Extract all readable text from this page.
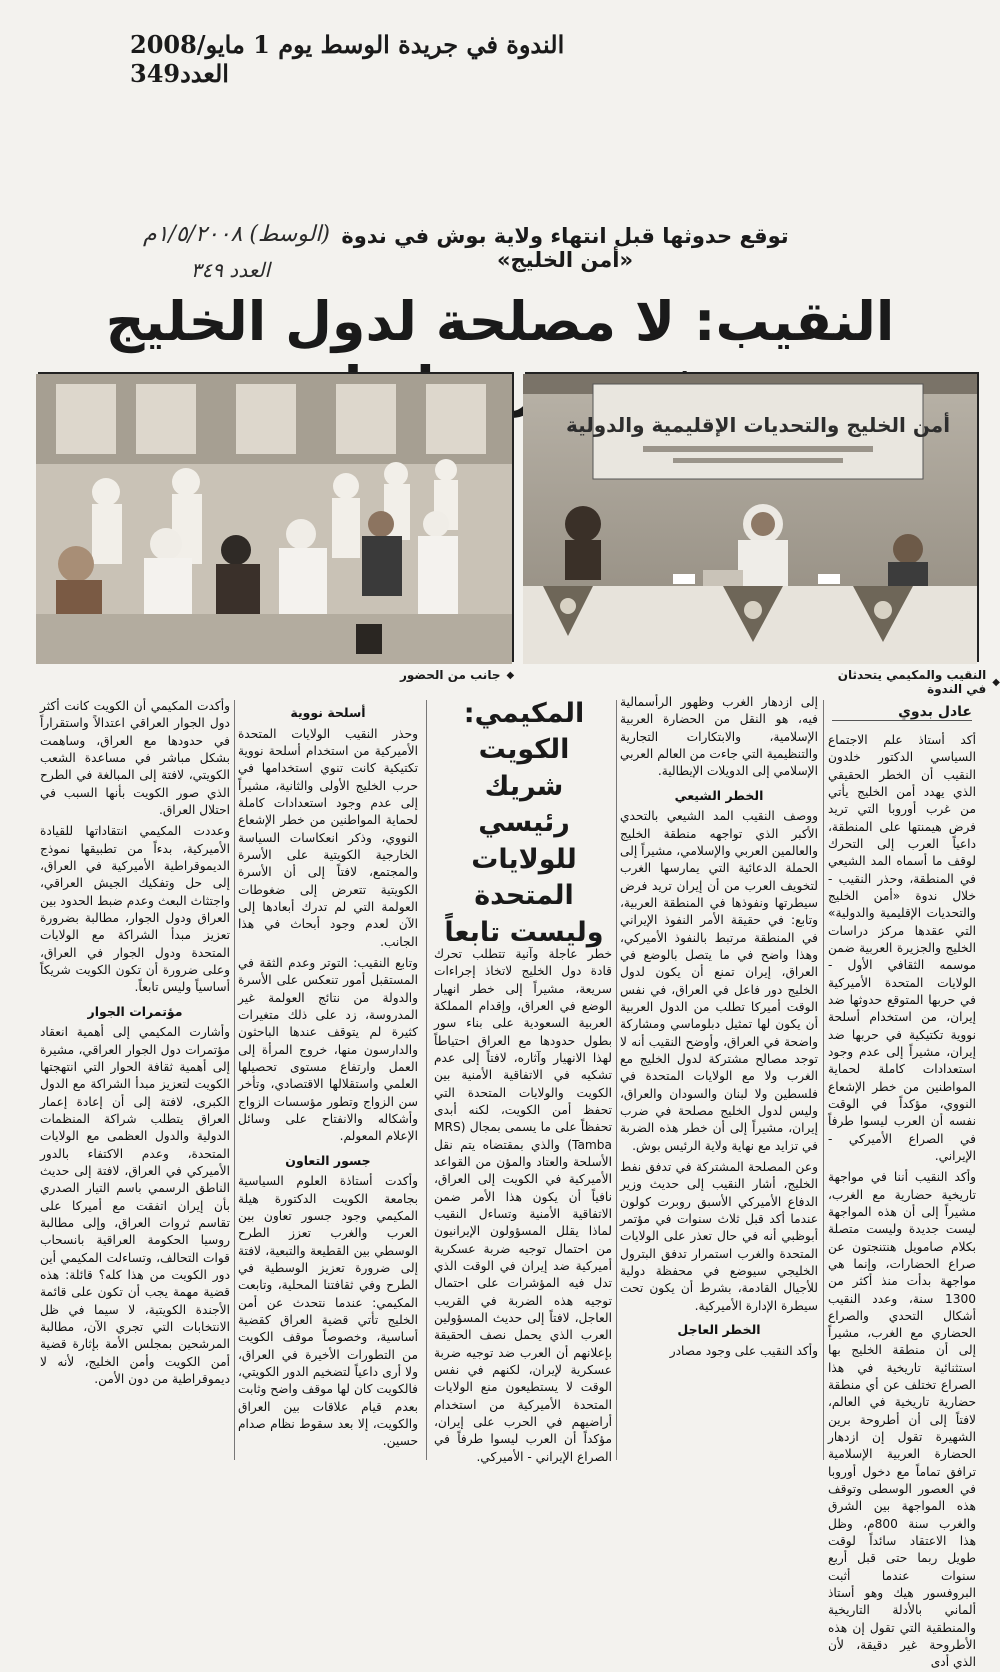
الندوة في جريدة الوسط يوم 1 مايو/2008 العدد349
توقع حدوثها قبل انتهاء ولاية بوش في ندوة «أمن الخليج»
(الوسط) ١/٥/٢٠٠٨م
العدد ٣٤٩
النقيب: لا مصلحة لدول الخليج
أمن الخليج والتحديات الإقليمية والدولية
◆
النقيب والمكيمي يتحدثان في الندوة
◆
جانب من الحضور
عادل بدوي
المكيمي:
الكويت شريك رئيسي للولايات المتحدة وليست تابعاً

أكد أستاذ علم الاجتماع السياسي الدكتور خلدون النقيب أن الخطر الحقيقي الذي يهدد أمن الخليج يأتي من غرب أوروبا التي تريد فرض هيمنتها على المنطقة، داعياً العرب إلى التحرك لوقف ما أسماه المد الشيعي في المنطقة، وحذر النقيب - خلال ندوة «أمن الخليج والتحديات الإقليمية والدولية» التي عقدها مركز دراسات الخليج والجزيرة العربية ضمن موسمه الثقافي الأول - الولايات المتحدة الأميركية في حربها المتوقع حدوثها ضد إيران، من استخدام أسلحة نووية تكتيكية في حربها ضد إيران، مشيراً إلى عدم وجود استعدادات كاملة لحماية المواطنين من خطر الإشعاع النووي، مؤكداً في الوقت نفسه أن العرب ليسوا طرفاً في الصراع الأميركي - الإيراني.

وأكد النقيب أننا في مواجهة تاريخية حضارية مع الغرب، مشيراً إلى أن هذه المواجهة ليست جديدة وليست متصلة بكلام صامويل هنتنجتون عن صراع الحضارات، وإنما هي مواجهة بدأت منذ أكثر من 1300 سنة، وعدد النقيب أشكال التحدي والصراع الحضاري مع الغرب، مشيراً إلى أن منطقة الخليج بها استثنائية تاريخية في هذا الصراع تختلف عن أي منطقة حضارية تاريخية في العالم، لافتاً إلى أن أطروحة برين الشهيرة تقول إن ازدهار الحضارة العربية الإسلامية ترافق تماماً مع دخول أوروبا في العصور الوسطى وتوقف هذه المواجهة بين الشرق والغرب سنة 800م، وظل هذا الاعتقاد سائداً لوقت طويل ربما حتى قبل أربع سنوات عندما أثبت البروفسور هيك وهو أستاذ ألماني بالأدلة التاريخية والمنطقية التي تقول إن هذه الأطروحة غير دقيقة، لأن الذي أدى

إلى ازدهار الغرب وظهور الرأسمالية فيه، هو النقل من الحضارة العربية الإسلامية، والابتكارات التجارية والتنظيمية التي جاءت من العالم العربي الإسلامي إلى الدويلات الإيطالية.

الخطر الشيعي

ووصف النقيب المد الشيعي بالتحدي الأكبر الذي تواجهه منطقة الخليج والعالمين العربي والإسلامي، مشيراً إلى الحملة الدعائية التي يمارسها الغرب لتخويف العرب من أن إيران تريد فرض سيطرتها ونفوذها في المنطقة العربية، وتابع: في حقيقة الأمر النفوذ الإيراني في المنطقة مرتبط بالنفوذ الأميركي، وهذا واضح في ما يتصل بالوضع في العراق، إيران تمنع أن يكون لدول الخليج دور فاعل في العراق، في نفس الوقت أميركا تطلب من الدول العربية أن يكون لها تمثيل دبلوماسي ومشاركة واضحة في العراق، وأوضح النقيب أنه لا توجد مصالح مشتركة لدول الخليج مع الغرب ولا مع الولايات المتحدة في فلسطين ولا لبنان والسودان والعراق، وليس لدول الخليج مصلحة في ضرب إيران، مشيراً إلى أن خطر هذه الضربة في تزايد مع نهاية ولاية الرئيس بوش.

وعن المصلحة المشتركة في تدفق نفط الخليج، أشار النقيب إلى حديث وزير الدفاع الأميركي الأسبق روبرت كولون عندما أكد قبل ثلاث سنوات في مؤتمر أبوظبي أنه في حال تعذر على الولايات المتحدة والغرب استمرار تدفق البترول الخليجي سيوضع في محفظة دولية للأجيال القادمة، بشرط أن يكون تحت سيطرة الإدارة الأميركية.

الخطر العاجل

وأكد النقيب على وجود مصادر

خطر عاجلة وآنية تتطلب تحرك قادة دول الخليج لاتخاذ إجراءات سريعة، مشيراً إلى خطر انهيار الوضع في العراق، وإقدام المملكة العربية السعودية على بناء سور بطول حدودها مع العراق احتياطاً لهذا الانهيار وآثاره، لافتاً إلى عدم تشكيه في الاتفاقية الأمنية بين الكويت والولايات المتحدة التي تحفظ أمن الكويت، لكنه أبدى تحفظاً على ما يسمى بمجال (MRS Tamba) والذي بمقتضاه يتم نقل الأسلحة والعتاد والمؤن من القواعد الأميركية في الكويت إلى العراق، نافياً أن يكون هذا الأمر ضمن الاتفاقية الأمنية وتساءل النقيب لماذا يقلل المسؤولون الإيرانيون من احتمال توجيه ضربة عسكرية أميركية ضد إيران في الوقت الذي تدل فيه المؤشرات على احتمال توجيه هذه الضربة في القريب العاجل، لافتاً إلى حديث المسؤولين العرب الذي يحمل نصف الحقيقة بإعلانهم أن العرب ضد توجيه ضربة عسكرية لإيران، لكنهم في نفس الوقت لا يستطيعون منع الولايات المتحدة الأميركية من استخدام أراضيهم في الحرب على إيران، مؤكداً أن العرب ليسوا طرفاً في الصراع الإيراني - الأميركي.

أسلحة نووية

وحذر النقيب الولايات المتحدة الأميركية من استخدام أسلحة نووية تكتيكية كانت تنوي استخدامها في حرب الخليج الأولى والثانية، مشيراً إلى عدم وجود استعدادات كاملة لحماية المواطنين من خطر الإشعاع النووي، وذكر انعكاسات السياسة الخارجية الكويتية على الأسرة والمجتمع، لافتاً إلى أن الأسرة الكويتية تتعرض إلى ضغوطات العولمة التي لم تدرك أبعادها إلى الآن لعدم وجود أبحاث في هذا الجانب.

وتابع النقيب: التوتر وعدم الثقة في المستقبل أمور تنعكس على الأسرة والدولة من نتائج العولمة غير المدروسة، زد على ذلك متغيرات كثيرة لم يتوقف عندها الباحثون والدارسون منها، خروج المرأة إلى العمل وارتفاع مستوى تحصيلها العلمي واستقلالها الاقتصادي، وتأخر سن الزواج وتطور مؤسسات الزواج وأشكاله والانفتاح على وسائل الإعلام المعولم.

جسور التعاون

وأكدت أستاذة العلوم السياسية بجامعة الكويت الدكتورة هيلة المكيمي وجود جسور تعاون بين العرب والغرب تعزز الطرح الوسطي بين القطيعة والتبعية، لافتة إلى ضرورة تعزيز الوسطية في الطرح وفي ثقافتنا المحلية، وتابعت المكيمي: عندما نتحدث عن أمن الخليج تأتي قضية العراق كقضية أساسية، وخصوصاً موقف الكويت من التطورات الأخيرة في العراق، ولا أرى داعياً لتضخيم الدور الكويتي، فالكويت كان لها موقف واضح وثابت بعدم قيام علاقات بين العراق والكويت، إلا بعد سقوط نظام صدام حسين.

وأكدت المكيمي أن الكويت كانت أكثر دول الجوار العراقي اعتدالاً واستقراراً في حدودها مع العراق، وساهمت بشكل مباشر في مساعدة الشعب الكويتي، لافتة إلى المبالغة في الطرح الذي صور الكويت بأنها السبب في احتلال العراق.

وعددت المكيمي انتقاداتها للقيادة الأميركية، بدءاً من تطبيقها نموذج الديموقراطية الأميركية في العراق، إلى حل وتفكيك الجيش العراقي، واجتثاث البعث وعدم ضبط الحدود بين العراق ودول الجوار، مطالبة بضرورة تعزيز مبدأ الشراكة مع الولايات المتحدة ودول الجوار في العراق، وعلى ضرورة أن تكون الكويت شريكاً أساسياً وليس تابعاً.

مؤتمرات الجوار

وأشارت المكيمي إلى أهمية انعقاد مؤتمرات دول الجوار العراقي، مشيرة إلى أهمية ثقافة الحوار التي انتهجتها الكويت لتعزيز مبدأ الشراكة مع الدول الكبرى، لافتة إلى أن إعادة إعمار العراق يتطلب شراكة المنظمات الدولية والدول العظمى مع الولايات المتحدة، وعدم الاكتفاء بالدور الأميركي في العراق، لافتة إلى حديث الناطق الرسمي باسم التيار الصدري بأن إيران اتفقت مع أميركا على تقاسم ثروات العراق، وإلى مطالبة روسيا الحكومة العراقية بانسحاب قوات التحالف، وتساءلت المكيمي أين دور الكويت من هذا كله؟ قائلة: هذه قضية مهمة يجب أن تكون على قائمة الأجندة الكويتية، لا سيما في ظل الانتخابات التي تجري الآن، مطالبة المرشحين بمجلس الأمة بإثارة قضية أمن الكويت وأمن الخليج، لأنه لا ديموقراطية من دون الأمن.
